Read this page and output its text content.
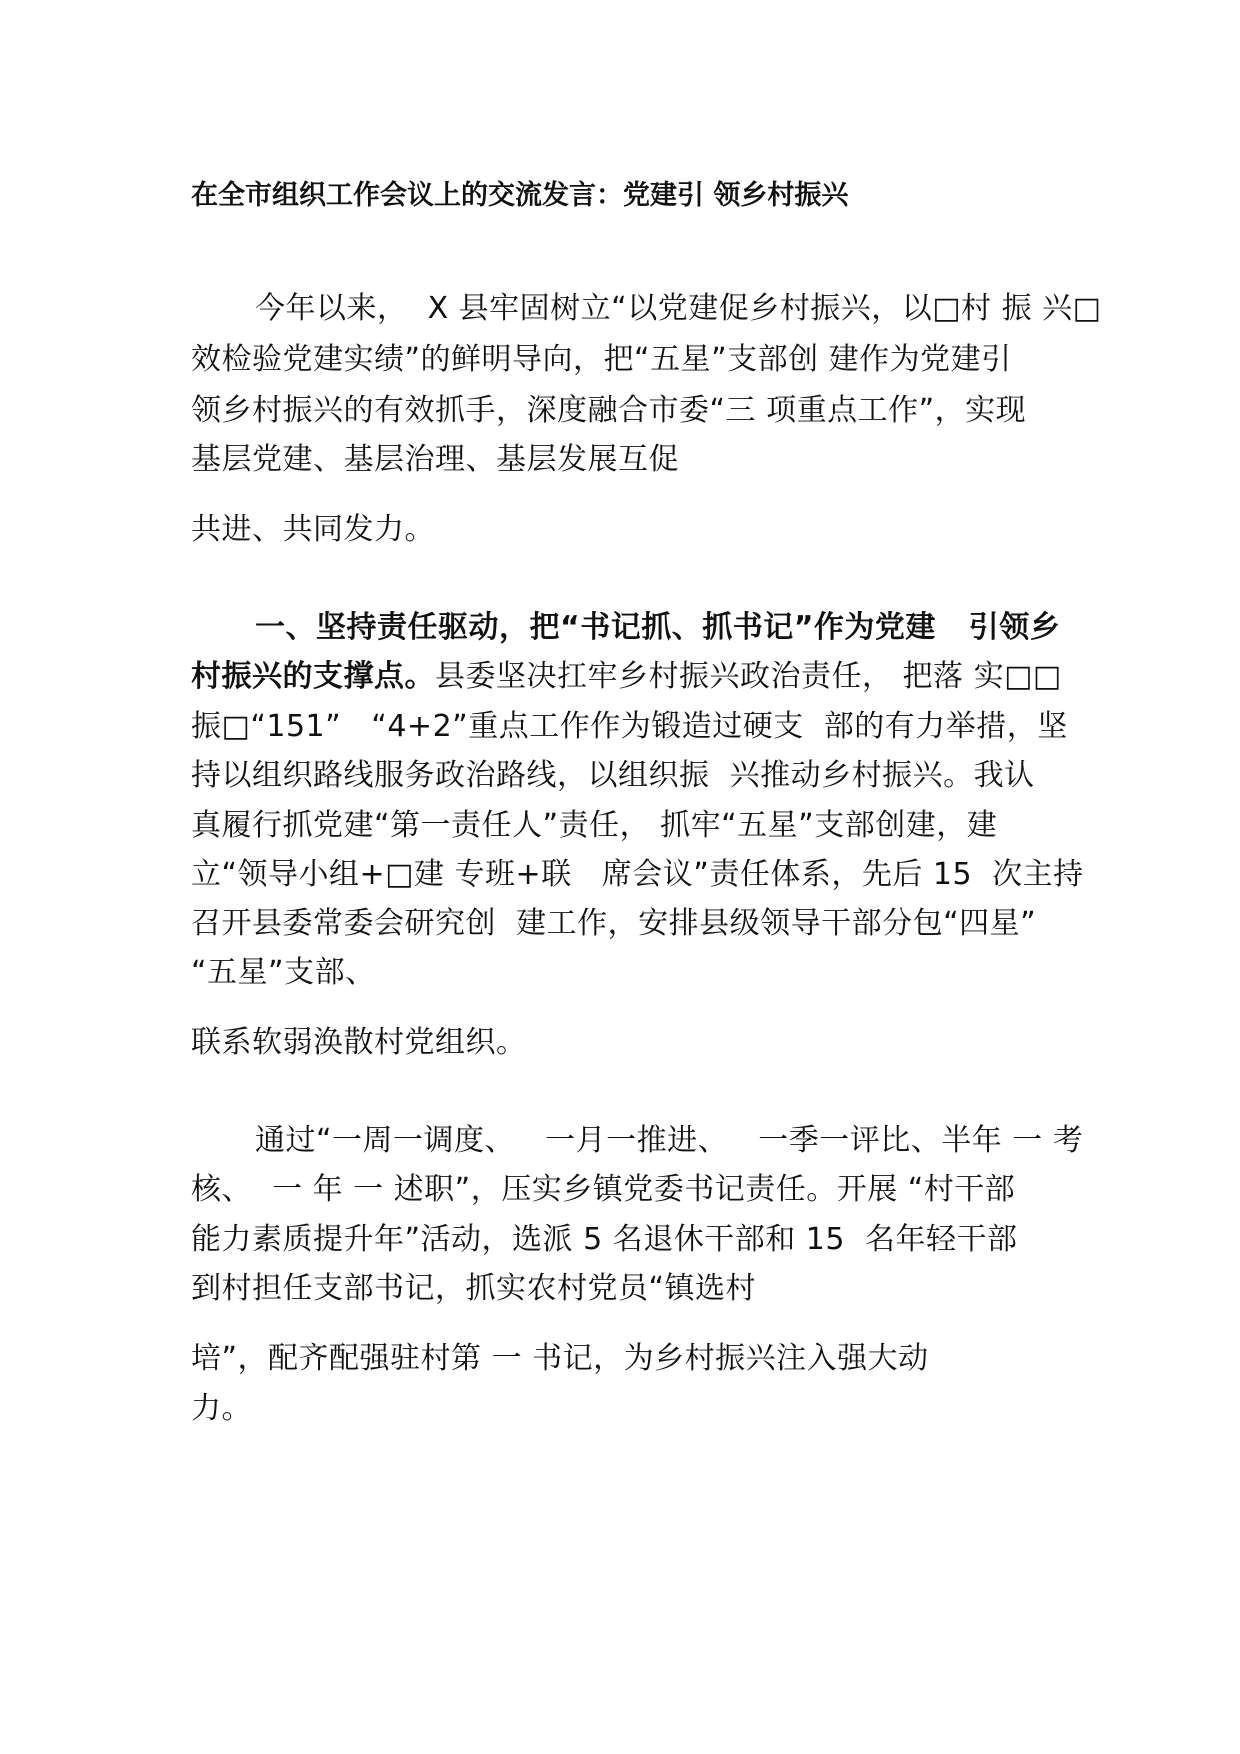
在全市组织工作会议上的交流发言：党建引 领乡村振兴
今年以来，  X 县牢固树立“以党建促乡村振兴，以□村 振 兴□
效检验党建实绩”的鲜明导向，把“五星”支部创 建作为党建引
领乡村振兴的有效抓手，深度融合市委“三 项重点工作”，实现
基层党建、基层治理、基层发展互促
共进、共同发力。
一、坚持责任驱动，把“书记抓、抓书记”作为党建   引领乡
村振兴的支撑点。县委坚决扛牢乡村振兴政治责任， 把落 实□□
振□“151”   “4+2”重点工作作为锻造过硬支  部的有力举措，坚
持以组织路线服务政治路线，以组织振  兴推动乡村振兴。我认
真履行抓党建“第一责任人”责任， 抓牢“五星”支部创建，建
立“领导小组+□建 专班+联   席会议”责任体系，先后 15  次主持
召开县委常委会研究创  建工作，安排县级领导干部分包“四星”
“五星”支部、
联系软弱涣散村党组织。
通过“一周一调度、   一月一推进、   一季一评比、半年 一 考
核、  一 年 一 述职”，压实乡镇党委书记责任。开展 “村干部
能力素质提升年”活动，选派 5 名退休干部和 15  名年轻干部
到村担任支部书记，抓实农村党员“镇选村
培”，配齐配强驻村第 一 书记，为乡村振兴注入强大动
力。
